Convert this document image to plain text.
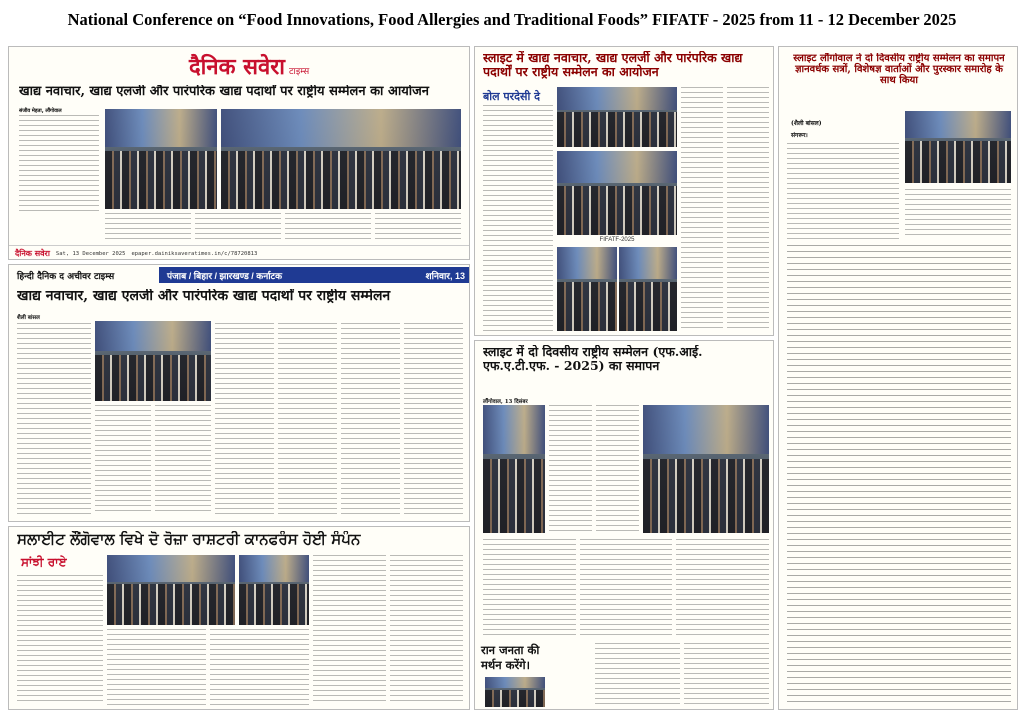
National Conference on “Food Innovations, Food Allergies and Traditional Foods” FIFATF - 2025 from 11 - 12 December 2025
दैनिक सवेरा टाइम्स
खाद्य नवाचार, खाद्य एलर्जी और पारंपरिक खाद्य पदार्थों पर राष्ट्रीय सम्मेलन का आयोजन
संजीव मेहता, लौंगोवाल
दैनिक सवेरा Sat, 13 December 2025 epaper.dainiksaveratimes.in/c/78720813
स्लाइट में खाद्य नवाचार, खाद्य एलर्जी और पारंपरिक खाद्य पदार्थों पर राष्ट्रीय सम्मेलन का आयोजन
बोल परदेसी दे
FIFATF-2025
स्लाइट लौंगोवाल ने दो दिवसीय राष्ट्रीय सम्मेलन का समापन ज्ञानवर्धक सत्रों, विशेषज्ञ वार्ताओं और पुरस्कार समारोह के साथ किया
(शैली बांसल)
संगरूर।
हिन्दी दैनिक द अचीवर टाइम्स	पंजाब / बिहार / झारखण्ड / कर्नाटक	शनिवार, 13
खाद्य नवाचार, खाद्य एलर्जी और पारंपरिक खाद्य पदार्थों पर राष्ट्रीय सम्मेलन
शैली बांसल
स्लाइट में दो दिवसीय राष्ट्रीय सम्मेलन (एफ.आई. एफ.ए.टी.एफ. - 2025) का समापन
लौंगोवाल, 13 दिसंबर
रान जनता की
मर्थन करेंगे।
ਸਲਾਈਟ ਲੌਂਗੋਵਾਲ ਵਿਖੇ ਦੋ ਰੋਜ਼ਾ ਰਾਸ਼ਟਰੀ ਕਾਨਫਰੰਸ ਹੋਈ ਸੰਪੰਨ
ਸਾਂਝੀ ਰਾਏ
